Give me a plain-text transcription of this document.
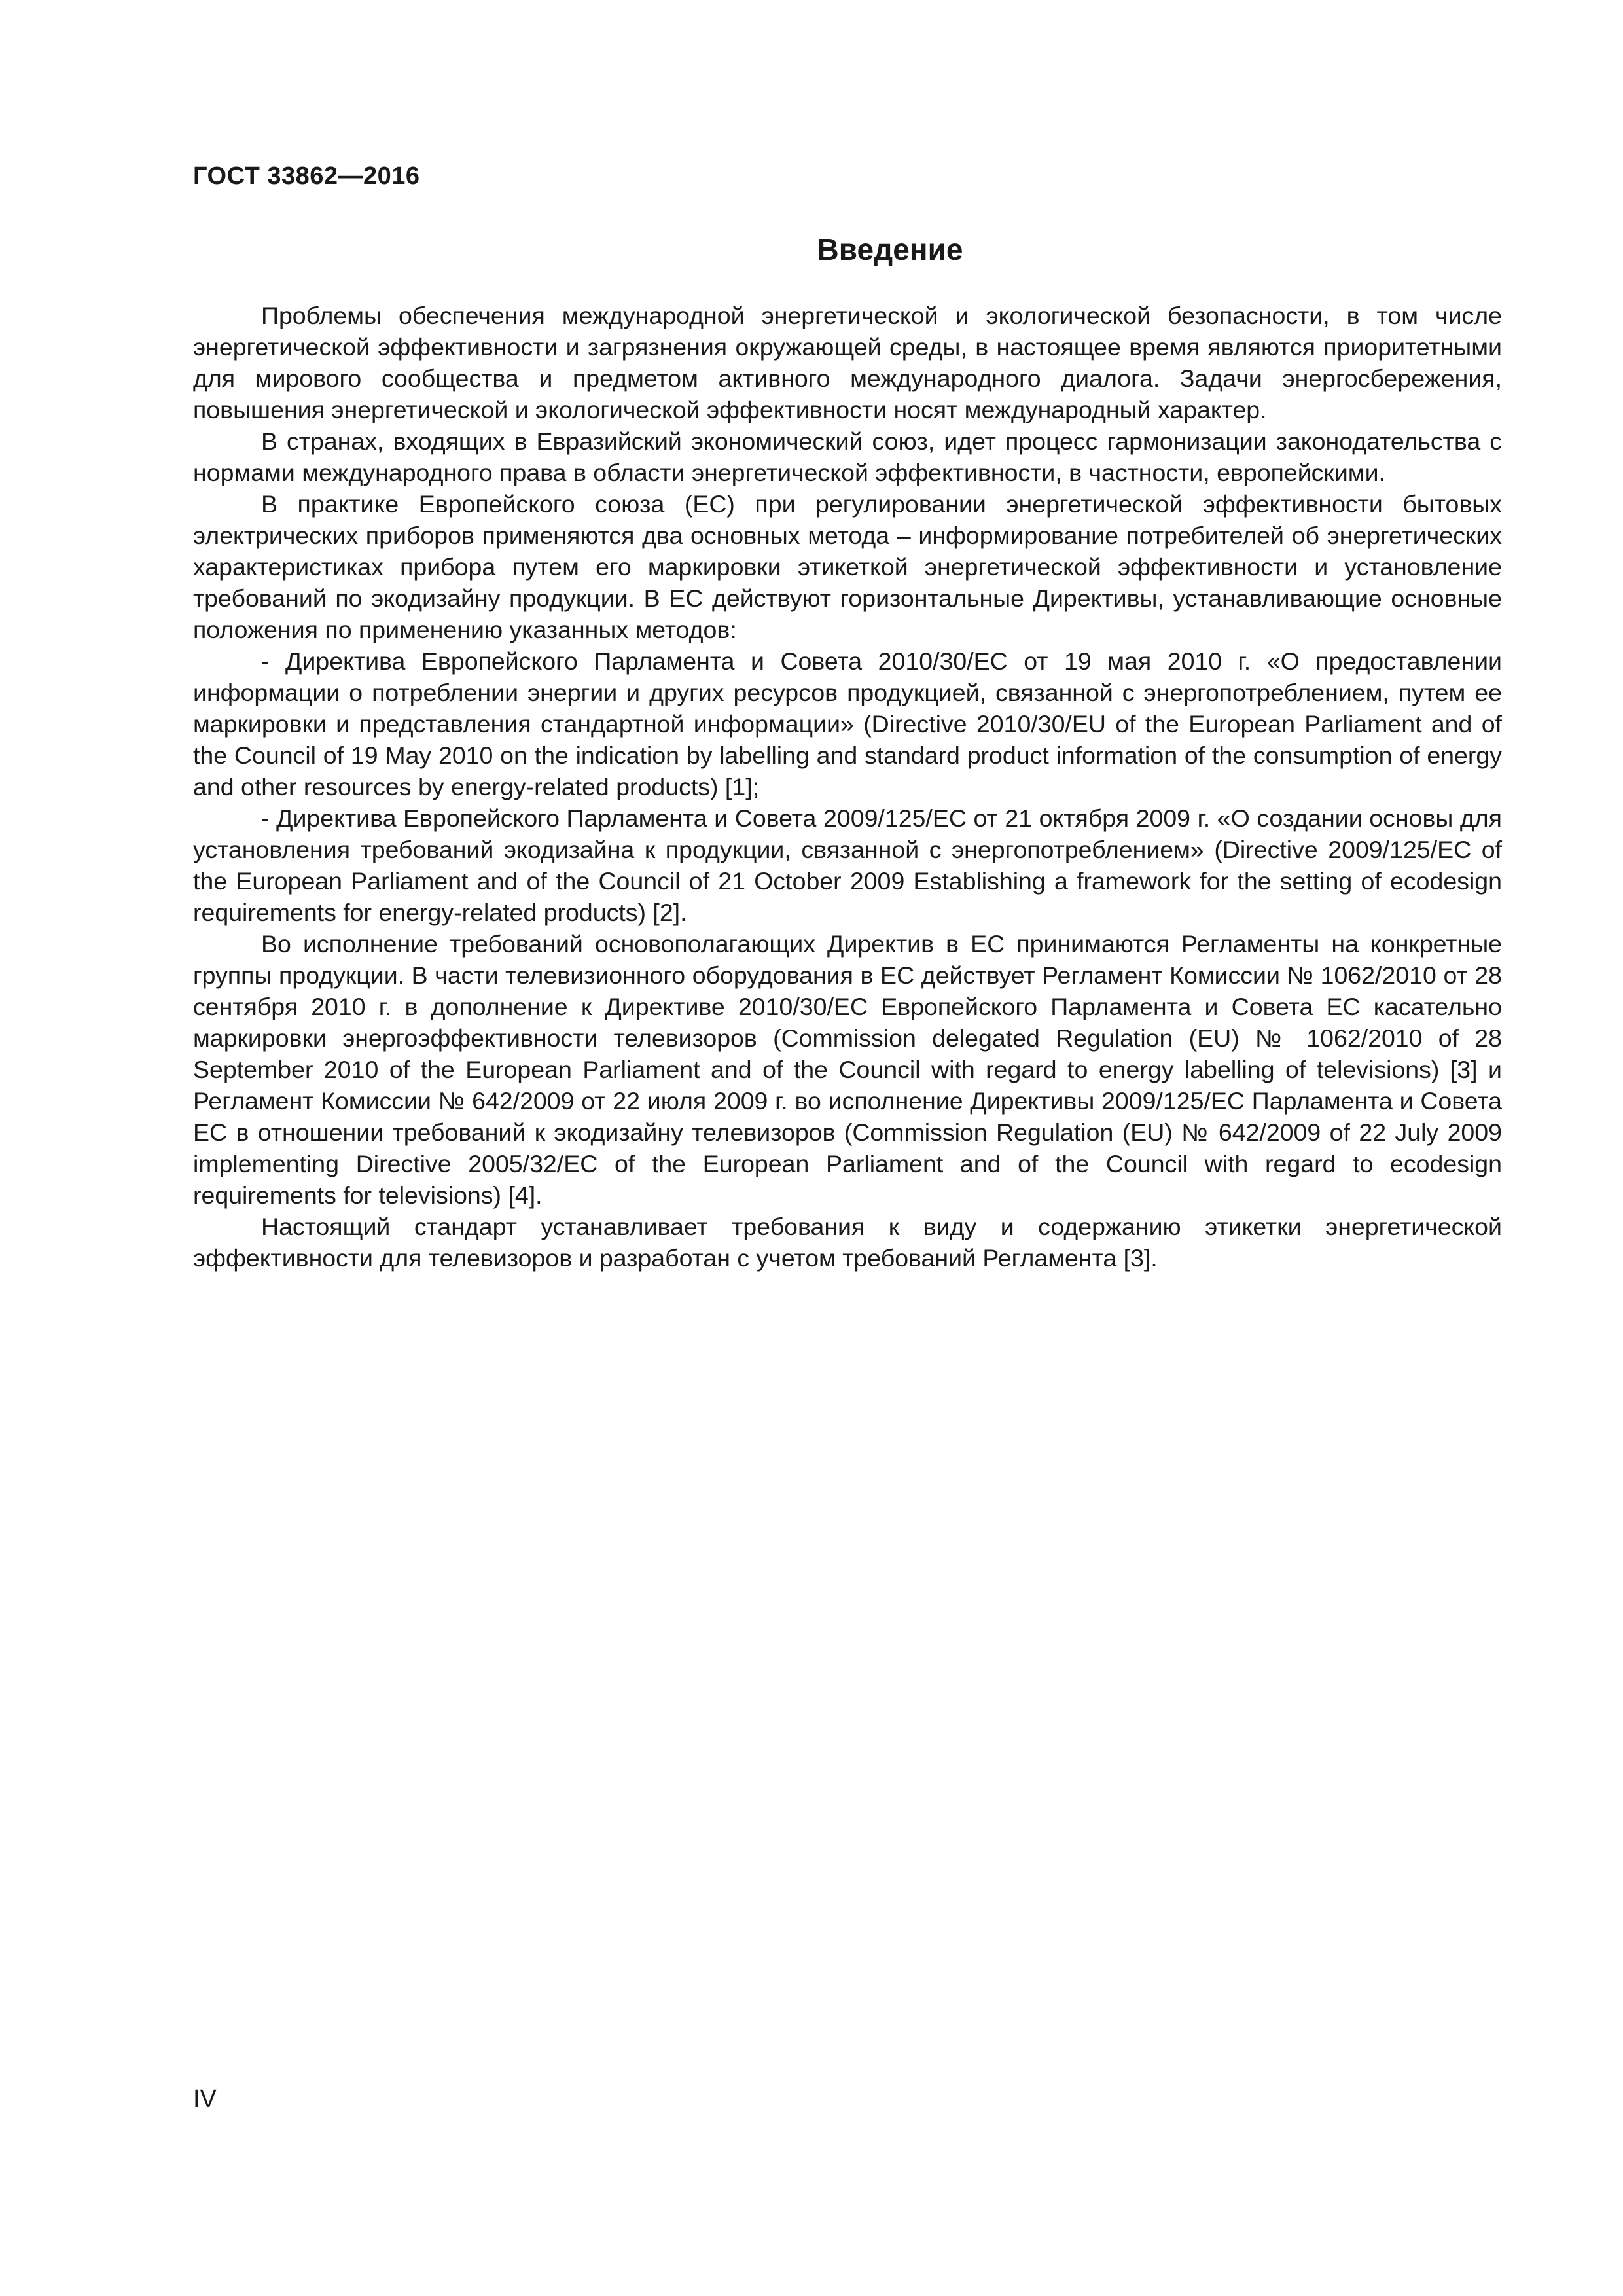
ГОСТ 33862—2016

Введение

Проблемы обеспечения международной энергетической и экологической безопасности, в том числе энергетической эффективности и загрязнения окружающей среды, в настоящее время являются приоритетными для мирового сообщества и предметом активного международного диалога. Задачи энергосбережения, повышения энергетической и экологической эффективности носят международный характер.

В странах, входящих в Евразийский экономический союз, идет процесс гармонизации законодательства с нормами международного права в области энергетической эффективности, в частности, европейскими.

В практике Европейского союза (ЕС) при регулировании энергетической эффективности бытовых электрических приборов применяются два основных метода – информирование потребителей об энергетических характеристиках прибора путем его маркировки этикеткой энергетической эффективности и установление требований по экодизайну продукции. В ЕС действуют горизонтальные Директивы, устанавливающие основные положения по применению указанных методов:

- Директива Европейского Парламента и Совета 2010/30/ЕС от 19 мая 2010 г. «О предоставлении информации о потреблении энергии и других ресурсов продукцией, связанной с энергопотреблением, путем ее маркировки и представления стандартной информации» (Directive 2010/30/EU of the European Parliament and of the Council of 19 May 2010 on the indication by labelling and standard product information of the consumption of energy and other resources by energy-related products) [1];

- Директива Европейского Парламента и Совета 2009/125/ЕС от 21 октября 2009 г. «О создании основы для установления требований экодизайна к продукции, связанной с энергопотреблением» (Directive 2009/125/EC of the European Parliament and of the Council of 21 October 2009 Establishing a framework for the setting of ecodesign requirements for energy-related products) [2].

Во исполнение требований основополагающих Директив в ЕС принимаются Регламенты на конкретные группы продукции. В части телевизионного оборудования в ЕС действует Регламент Комиссии № 1062/2010 от 28 сентября 2010 г. в дополнение к Директиве 2010/30/ЕС Европейского Парламента и Совета ЕС касательно маркировки энергоэффективности телевизоров (Commission delegated Regulation (EU) № 1062/2010 of 28 September 2010 of the European Parliament and of the Council with regard to energy labelling of televisions) [3] и Регламент Комиссии № 642/2009 от 22 июля 2009 г. во исполнение Директивы 2009/125/ЕС Парламента и Совета ЕС в отношении требований к экодизайну телевизоров (Commission Regulation (EU) № 642/2009 of 22 July 2009 implementing Directive 2005/32/EC of the European Parliament and of the Council with regard to ecodesign requirements for televisions) [4].

Настоящий стандарт устанавливает требования к виду и содержанию этикетки энергетической эффективности для телевизоров и разработан с учетом требований Регламента [3].

IV
